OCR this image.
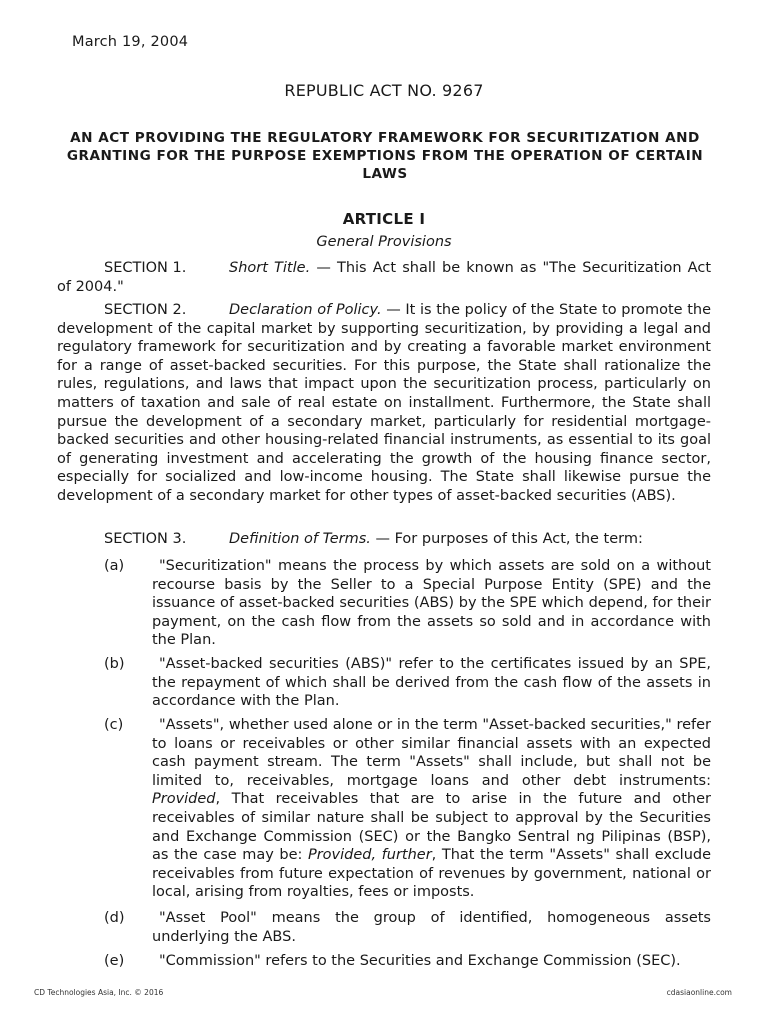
March 19, 2004
REPUBLIC ACT NO. 9267
AN ACT PROVIDING THE REGULATORY FRAMEWORK FOR SECURITIZATION AND GRANTING FOR THE PURPOSE EXEMPTIONS FROM THE OPERATION OF CERTAIN LAWS
ARTICLE I
General Provisions
SECTION 1.	Short Title. — This Act shall be known as "The Securitization Act of 2004."
SECTION 2.	Declaration of Policy. — It is the policy of the State to promote the development of the capital market by supporting securitization, by providing a legal and regulatory framework for securitization and by creating a favorable market environment for a range of asset-backed securities. For this purpose, the State shall rationalize the rules, regulations, and laws that impact upon the securitization process, particularly on matters of taxation and sale of real estate on installment. Furthermore, the State shall pursue the development of a secondary market, particularly for residential mortgage-backed securities and other housing-related financial instruments, as essential to its goal of generating investment and accelerating the growth of the housing finance sector, especially for socialized and low-income housing. The State shall likewise pursue the development of a secondary market for other types of asset-backed securities (ABS).
SECTION 3.	Definition of Terms. — For purposes of this Act, the term:
(a)	"Securitization" means the process by which assets are sold on a without recourse basis by the Seller to a Special Purpose Entity (SPE) and the issuance of asset-backed securities (ABS) by the SPE which depend, for their payment, on the cash flow from the assets so sold and in accordance with the Plan.
(b)	"Asset-backed securities (ABS)" refer to the certificates issued by an SPE, the repayment of which shall be derived from the cash flow of the assets in accordance with the Plan.
(c)	"Assets", whether used alone or in the term "Asset-backed securities," refer to loans or receivables or other similar financial assets with an expected cash payment stream. The term "Assets" shall include, but shall not be limited to, receivables, mortgage loans and other debt instruments: Provided, That receivables that are to arise in the future and other receivables of similar nature shall be subject to approval by the Securities and Exchange Commission (SEC) or the Bangko Sentral ng Pilipinas (BSP), as the case may be: Provided, further, That the term "Assets" shall exclude receivables from future expectation of revenues by government, national or local, arising from royalties, fees or imposts.
(d)	"Asset Pool" means the group of identified, homogeneous assets underlying the ABS.
(e)	"Commission" refers to the Securities and Exchange Commission (SEC).
CD Technologies Asia, Inc. © 2016	cdasiaonline.com
